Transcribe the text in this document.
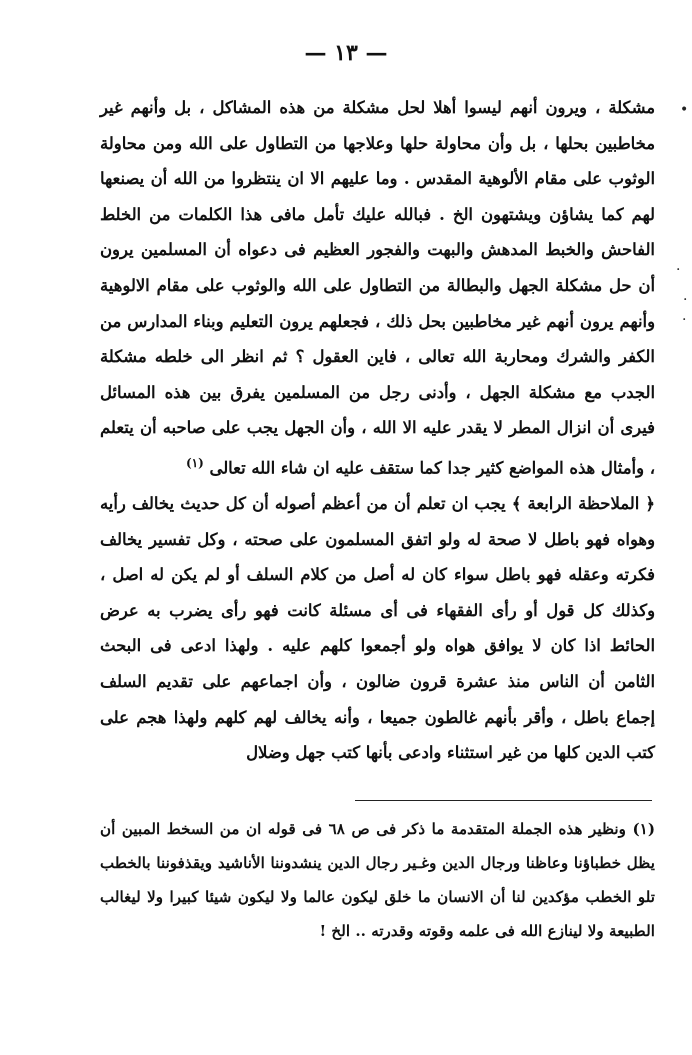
— ١٣ —

مشكلة ، ويرون أنهم ليسوا أهلا لحل مشكلة من هذه المشاكل ، بل وأنهم غير مخاطبين بحلها ، بل وأن محاولة حلها وعلاجها من التطاول على الله ومن محاولة الوثوب على مقام الألوهية المقدس . وما عليهم الا ان ينتظروا من الله أن يصنعها لهم كما يشاؤن ويشتهون الخ . فبالله عليك تأمل مافى هذا الكلمات من الخلط الفاحش والخبط المدهش والبهت والفجور العظيم فى دعواه أن المسلمين يرون أن حل مشكلة الجهل والبطالة من التطاول على الله والوثوب على مقام الالوهية وأنهم يرون أنهم غير مخاطبين بحل ذلك ، فجعلهم يرون التعليم وبناء المدارس من الكفر والشرك ومحاربة الله تعالى ، فاين العقول ؟ ثم انظر الى خلطه مشكلة الجدب مع مشكلة الجهل ، وأدنى رجل من المسلمين يفرق بين هذه المسائل فيرى أن انزال المطر لا يقدر عليه الا الله ، وأن الجهل يجب على صاحبه أن يتعلم ، وأمثال هذه المواضع كثير جدا كما ستقف عليه ان شاء الله تعالى $^{(١)}$

﴿ الملاحظة الرابعة ﴾ يجب ان تعلم أن من أعظم أصوله أن كل حديث يخالف رأيه وهواه فهو باطل لا صحة له ولو اتفق المسلمون على صحته ، وكل تفسير يخالف فكرته وعقله فهو باطل سواء كان له أصل من كلام السلف أو لم يكن له اصل ، وكذلك كل قول أو رأى الفقهاء فى أى مسئلة كانت فهو رأى يضرب به عرض الحائط اذا كان لا يوافق هواه ولو أجمعوا كلهم عليه . ولهذا ادعى فى البحث الثامن أن الناس منذ عشرة قرون ضالون ، وأن اجماعهم على تقديم السلف إجماع باطل ، وأقر بأنهم غالطون جميعا ، وأنه يخالف لهم كلهم ولهذا هجم على كتب الدين كلها من غير استثناء وادعى بأنها كتب جهل وضلال

(١) ونظير هذه الجملة المتقدمة ما ذكر فى ص ٦٨ فى قوله ان من السخط المبين أن يظل خطباؤنا وعاظنا ورجال الدين وغـير رجال الدين ينشدوننا الأناشيد ويقذفوننا بالخطب تلو الخطب مؤكدين لنا أن الانسان ما خلق ليكون عالما ولا ليكون شيئا كبيرا ولا ليغالب الطبيعة ولا لينازع الله فى علمه وقوته وقدرته .. الخ !

•
·
·
·
